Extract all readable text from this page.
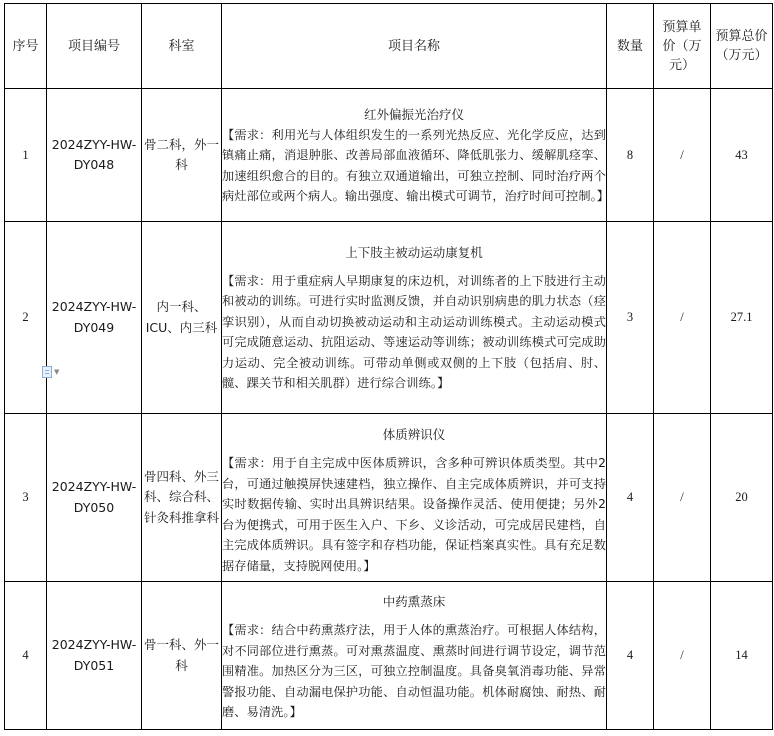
序号	项目编号	科室	项目名称	数量	预算单价（万元）	预算总价（万元）
1	2024ZYY-HW-DY048	骨二科，外一科	红外偏振光治疗仪
【需求：利用光与人体组织发生的一系列光热反应、光化学反应，达到镇痛止痛，消退肿胀、改善局部血液循环、降低肌张力、缓解肌痉挛、加速组织愈合的目的。有独立双通道输出，可独立控制、同时治疗两个病灶部位或两个病人。输出强度、输出模式可调节，治疗时间可控制。】	8	/	43
2	2024ZYY-HW-DY049	内一科、ICU、内三科	上下肢主被动运动康复机
【需求：用于重症病人早期康复的床边机，对训练者的上下肢进行主动和被动的训练。可进行实时监测反馈，并自动识别病患的肌力状态（痉挛识别），从而自动切换被动运动和主动运动训练模式。主动运动模式可完成随意运动、抗阻运动、等速运动等训练；被动训练模式可完成助力运动、完全被动训练。可带动单侧或双侧的上下肢（包括肩、肘、髋、踝关节和相关肌群）进行综合训练。】	3	/	27.1
3	2024ZYY-HW-DY050	骨四科、外三科、综合科、针灸科推拿科	体质辨识仪
【需求：用于自主完成中医体质辨识，含多种可辨识体质类型。其中2台，可通过触摸屏快速建档，独立操作、自主完成体质辨识，并可支持实时数据传输、实时出具辨识结果。设备操作灵活、使用便捷；另外2台为便携式，可用于医生入户、下乡、义诊活动，可完成居民建档，自主完成体质辨识。具有签字和存档功能，保证档案真实性。具有充足数据存储量，支持脱网使用。】	4	/	20
4	2024ZYY-HW-DY051	骨一科、外一科	中药熏蒸床
【需求：结合中药熏蒸疗法，用于人体的熏蒸治疗。可根据人体结构，对不同部位进行熏蒸。可对熏蒸温度、熏蒸时间进行调节设定，调节范围精准。加热区分为三区，可独立控制温度。具备臭氧消毒功能、异常警报功能、自动漏电保护功能、自动恒温功能。机体耐腐蚀、耐热、耐磨、易清洗。】	4	/	14
▼
